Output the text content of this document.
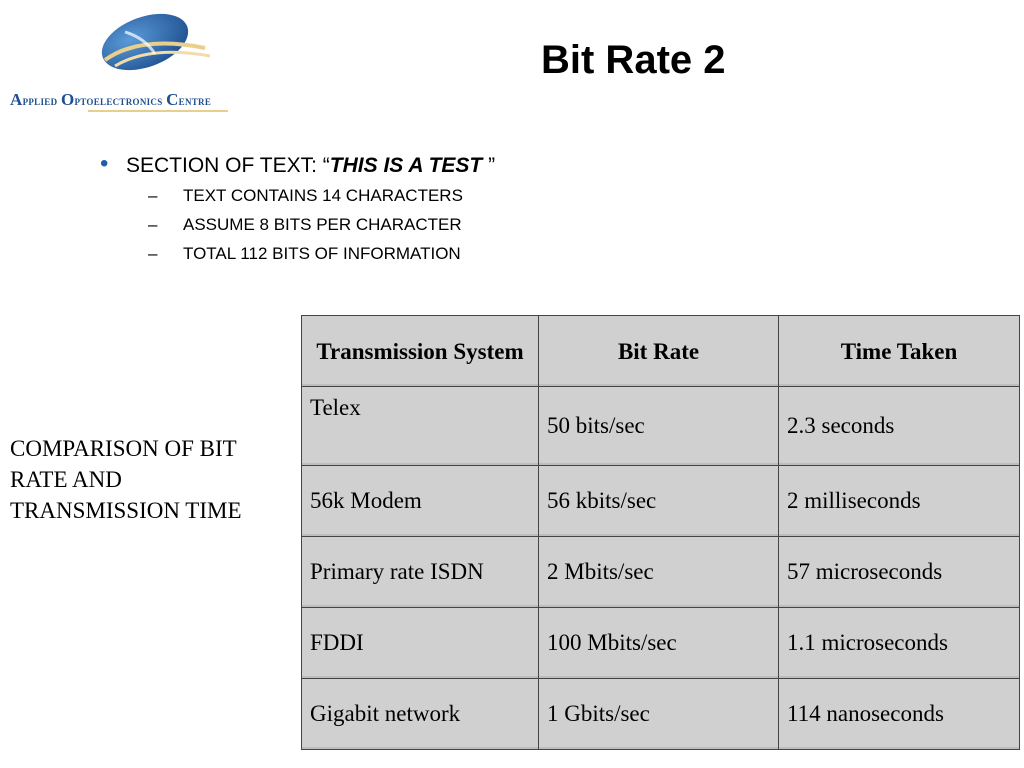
Applied Optoelectronics Centre
Bit Rate 2
• SECTION OF TEXT: “THIS IS A TEST ”
– TEXT CONTAINS 14 CHARACTERS
– ASSUME 8 BITS PER CHARACTER
– TOTAL 112 BITS OF INFORMATION
COMPARISON OF BIT RATE AND TRANSMISSION TIME
Transmission System	Bit Rate	Time Taken
Telex	50 bits/sec	2.3 seconds
56k Modem	56 kbits/sec	2 milliseconds
Primary rate ISDN	2 Mbits/sec	57 microseconds
FDDI	100 Mbits/sec	1.1 microseconds
Gigabit network	1 Gbits/sec	114 nanoseconds
